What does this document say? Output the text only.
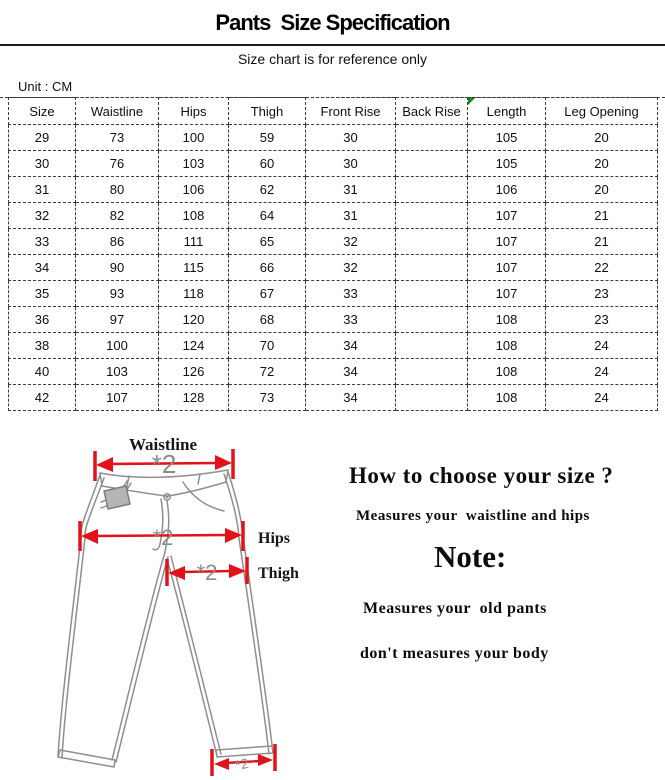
Pants  Size Specification
Size chart is for reference only
Unit : CM
Size	Waistline	Hips	Thigh	Front Rise	Back Rise	Length	Leg Opening
29	73	100	59	30		105	20
30	76	103	60	30		105	20
31	80	106	62	31		106	20
32	82	108	64	31		107	21
33	86	111	65	32		107	21
34	90	115	66	32		107	22
35	93	118	67	33		107	23
36	97	120	68	33		108	23
38	100	124	70	34		108	24
40	103	126	72	34		108	24
42	107	128	73	34		108	24
Waistline
Hips
Thigh
*2
*2
*2
*2
How to choose your size ?
Measures your  waistline and hips
Note:
Measures your  old pants
don't measures your body
